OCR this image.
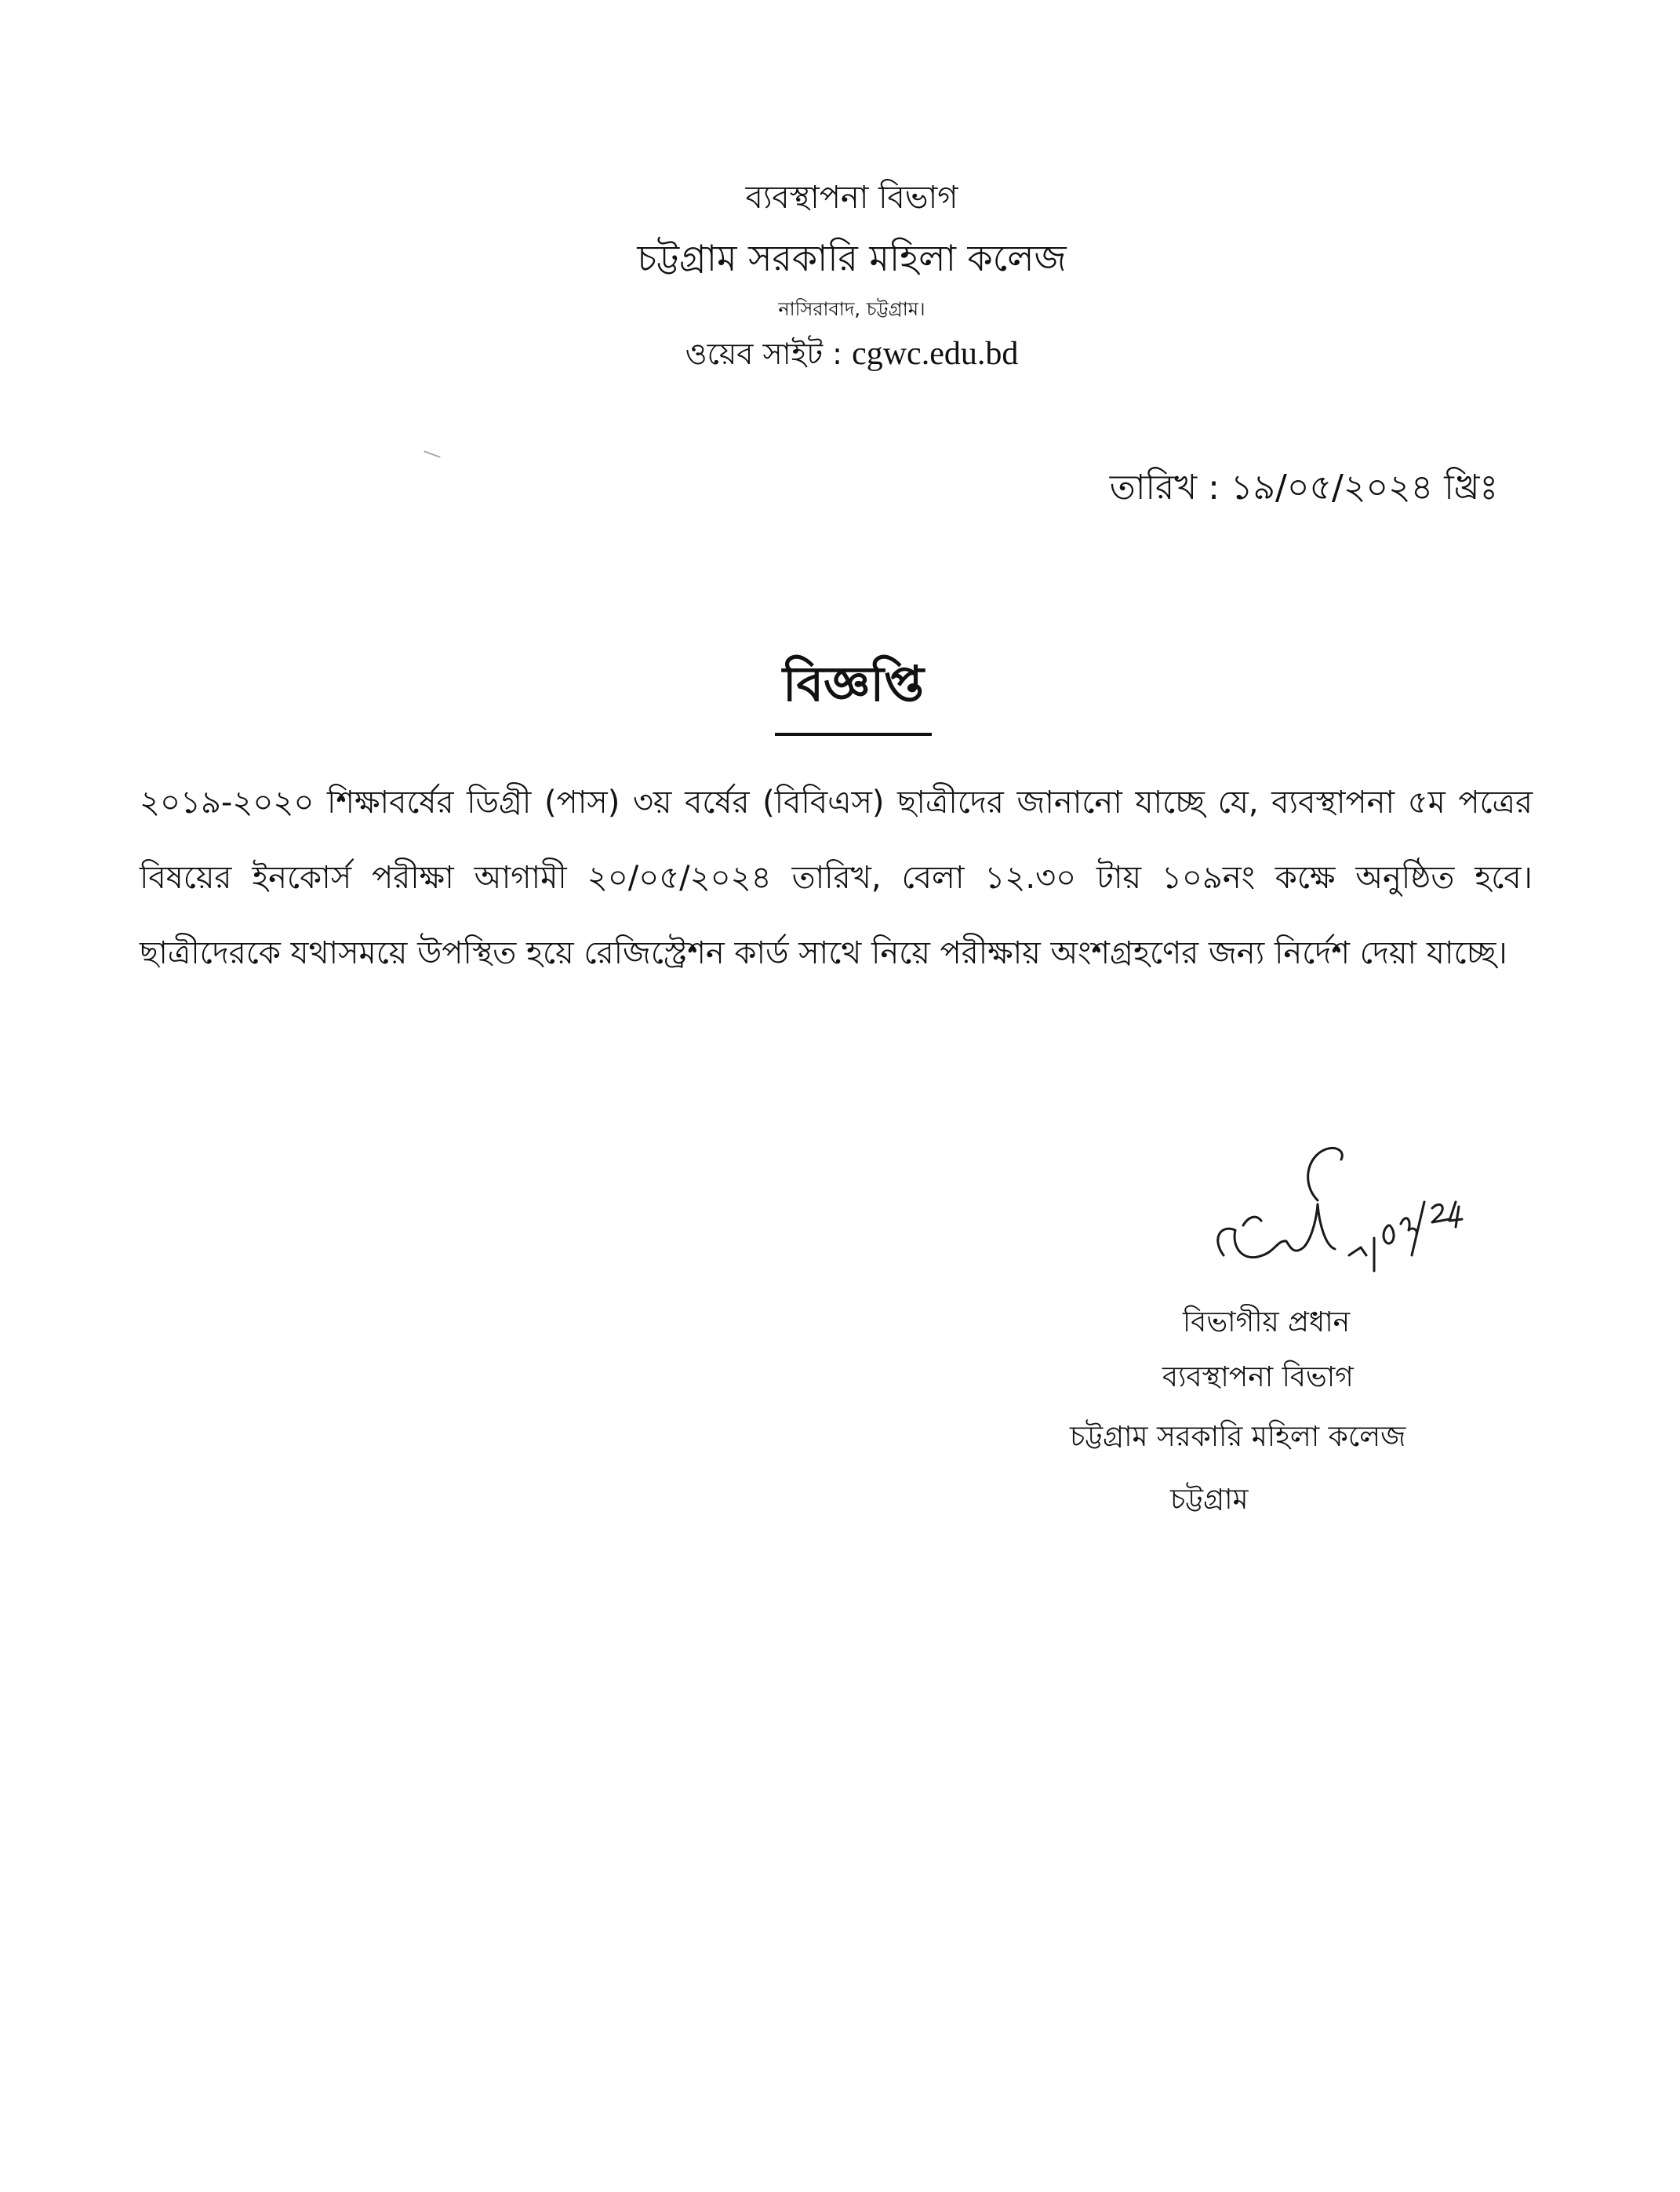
ব্যবস্থাপনা বিভাগ
চট্টগ্রাম সরকারি মহিলা কলেজ
নাসিরাবাদ, চট্টগ্রাম।
ওয়েব সাইট : cgwc.edu.bd
তারিখ : ১৯/০৫/২০২৪ খ্রিঃ
বিজ্ঞপ্তি
২০১৯-২০২০ শিক্ষাবর্ষের ডিগ্রী (পাস) ৩য় বর্ষের (বিবিএস) ছাত্রীদের জানানো যাচ্ছে যে, ব্যবস্থাপনা ৫ম পত্রের বিষয়ের ইনকোর্স পরীক্ষা আগামী ২০/০৫/২০২৪ তারিখ, বেলা ১২.৩০ টায় ১০৯নং কক্ষে অনুষ্ঠিত হবে। ছাত্রীদেরকে যথাসময়ে উপস্থিত হয়ে রেজিস্ট্রেশন কার্ড সাথে নিয়ে পরীক্ষায় অংশগ্রহণের জন্য নির্দেশ দেয়া যাচ্ছে।
বিভাগীয় প্রধান
ব্যবস্থাপনা বিভাগ
চট্টগ্রাম সরকারি মহিলা কলেজ
চট্টগ্রাম
